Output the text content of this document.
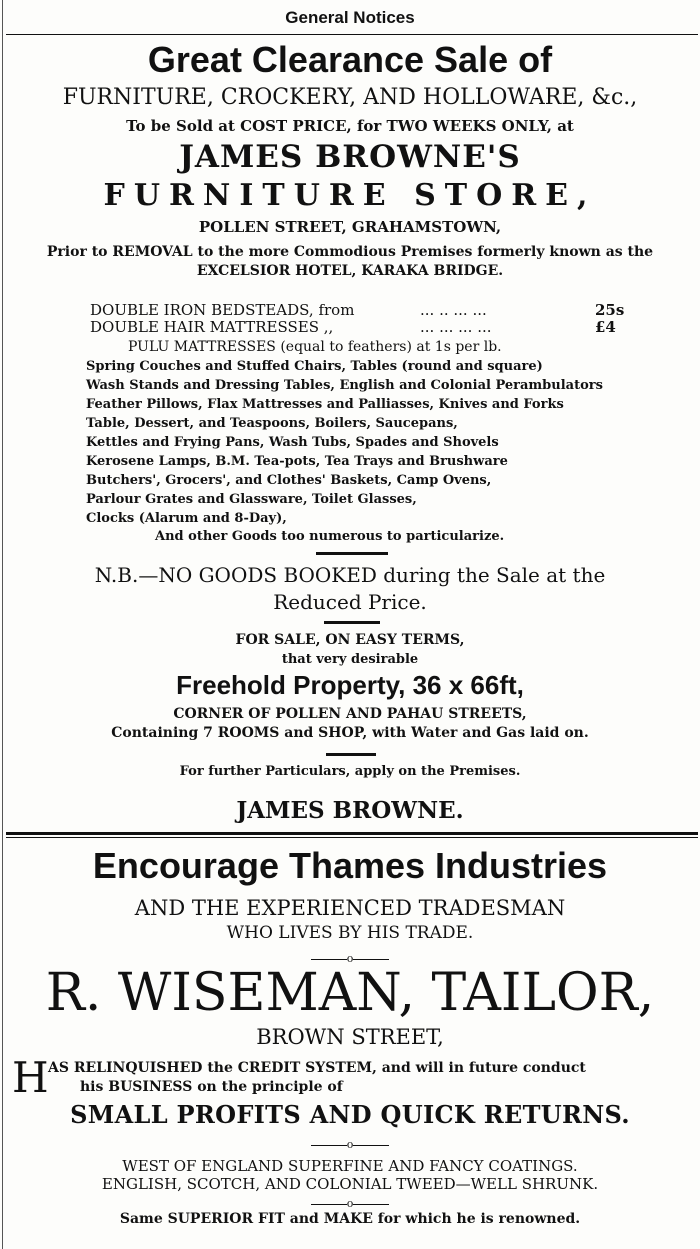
General Notices
Great Clearance Sale of
FURNITURE, CROCKERY, AND HOLLOWARE, &c.,
To be Sold at COST PRICE, for TWO WEEKS ONLY, at
JAMES BROWNE'S
FURNITURE STORE,
POLLEN STREET, GRAHAMSTOWN,
Prior to REMOVAL to the more Commodious Premises formerly known as the
EXCELSIOR HOTEL, KARAKA BRIDGE.
DOUBLE IRON BEDSTEADS, from	... .. ... ...	25s
DOUBLE HAIR MATTRESSES ,,	... ... ... ...	£4
PULU MATTRESSES (equal to feathers) at 1s per lb.
Spring Couches and Stuffed Chairs, Tables (round and square)
Wash Stands and Dressing Tables, English and Colonial Perambulators
Feather Pillows, Flax Mattresses and Palliasses, Knives and Forks
Table, Dessert, and Teaspoons, Boilers, Saucepans,
Kettles and Frying Pans, Wash Tubs, Spades and Shovels
Kerosene Lamps, B.M. Tea-pots, Tea Trays and Brushware
Butchers', Grocers', and Clothes' Baskets, Camp Ovens,
Parlour Grates and Glassware, Toilet Glasses,
Clocks (Alarum and 8-Day),
And other Goods too numerous to particularize.
N.B.—NO GOODS BOOKED during the Sale at the
Reduced Price.
FOR SALE, ON EASY TERMS,
that very desirable
Freehold Property, 36 x 66ft,
CORNER OF POLLEN AND PAHAU STREETS,
Containing 7 ROOMS and SHOP, with Water and Gas laid on.
For further Particulars, apply on the Premises.
JAMES BROWNE.
Encourage Thames Industries
AND THE EXPERIENCED TRADESMAN
WHO LIVES BY HIS TRADE.
o
R. WISEMAN, TAILOR,
BROWN STREET,
H AS RELINQUISHED the CREDIT SYSTEM, and will in future conduct
his BUSINESS on the principle of
SMALL PROFITS AND QUICK RETURNS.
o
WEST OF ENGLAND SUPERFINE AND FANCY COATINGS.
ENGLISH, SCOTCH, AND COLONIAL TWEED—WELL SHRUNK.
o
Same SUPERIOR FIT and MAKE for which he is renowned.
